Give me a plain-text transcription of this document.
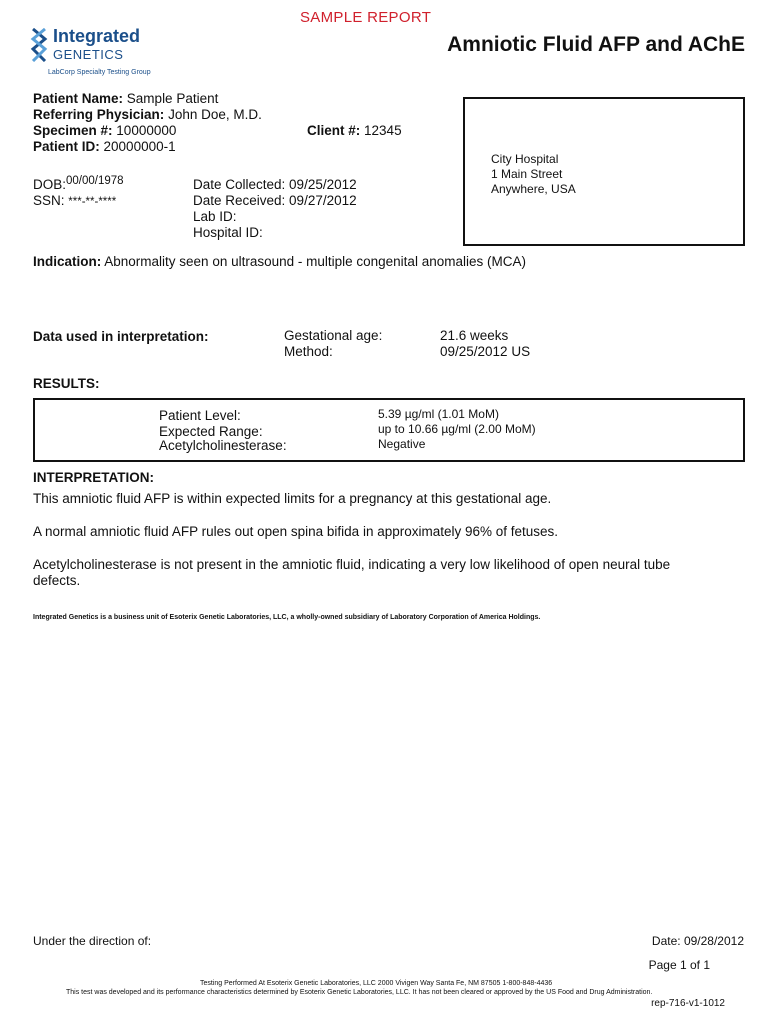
SAMPLE REPORT
Amniotic Fluid AFP and AChE
Integrated
GENETICS
LabCorp Specialty Testing Group
Patient Name: Sample Patient
Referring Physician: John Doe, M.D.
Specimen #: 10000000	Client #: 12345
Patient ID: 20000000-1
DOB:00/00/1978
SSN: ***-**-****
Date Collected: 09/25/2012
Date Received: 09/27/2012
Lab ID:
Hospital ID:
City Hospital
1 Main Street
Anywhere, USA
Indication: Abnormality seen on ultrasound - multiple congenital anomalies (MCA)
Data used in interpretation:	Gestational age:	21.6 weeks
Method:	09/25/2012 US
RESULTS:
Patient Level:	5.39 µg/ml (1.01 MoM)
Expected Range:	up to 10.66 µg/ml (2.00 MoM)
Acetylcholinesterase:	Negative
INTERPRETATION:
This amniotic fluid AFP is within expected limits for a pregnancy at this gestational age.
A normal amniotic fluid AFP rules out open spina bifida in approximately 96% of fetuses.
Acetylcholinesterase is not present in the amniotic fluid, indicating a very low likelihood of open neural tube
defects.
Integrated Genetics is a business unit of Esoterix Genetic Laboratories, LLC, a wholly-owned subsidiary of Laboratory Corporation of America Holdings.
Under the direction of:	Date: 09/28/2012
Page 1 of 1
Testing Performed At Esoterix Genetic Laboratories, LLC 2000 Vivigen Way Santa Fe, NM 87505 1-800-848-4436
This test was developed and its performance characteristics determined by Esoterix Genetic Laboratories, LLC. It has not been cleared or approved by the US Food and Drug Administration.
rep-716-v1-1012
